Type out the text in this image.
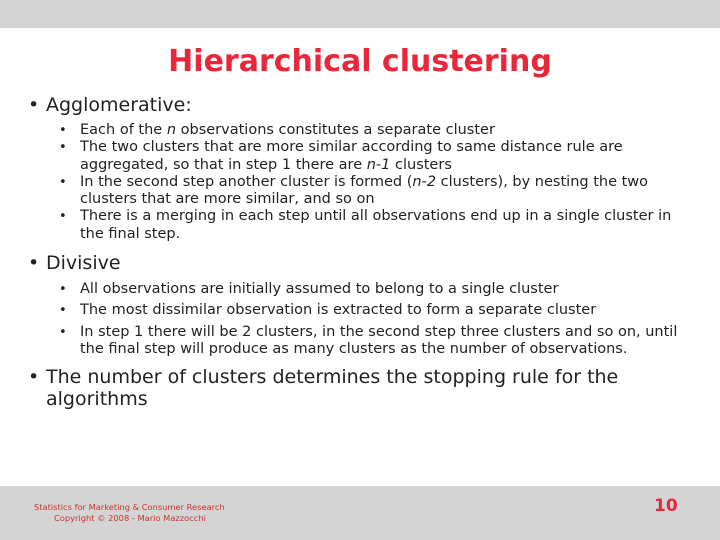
Hierarchical clustering
• Agglomerative:
• Each of the n observations constitutes a separate cluster
• The two clusters that are more similar according to same distance rule are aggregated, so that in step 1 there are n-1 clusters
• In the second step another cluster is formed (n-2 clusters), by nesting the two clusters that are more similar, and so on
• There is a merging in each step until all observations end up in a single cluster in the final step.
• Divisive
• All observations are initially assumed to belong to a single cluster
• The most dissimilar observation is extracted to form a separate cluster
• In step 1 there will be 2 clusters, in the second step three clusters and so on, until the final step will produce as many clusters as the number of observations.
• The number of clusters determines the stopping rule for the algorithms
Statistics for Marketing & Consumer Research
Copyright © 2008 - Mario Mazzocchi
10
